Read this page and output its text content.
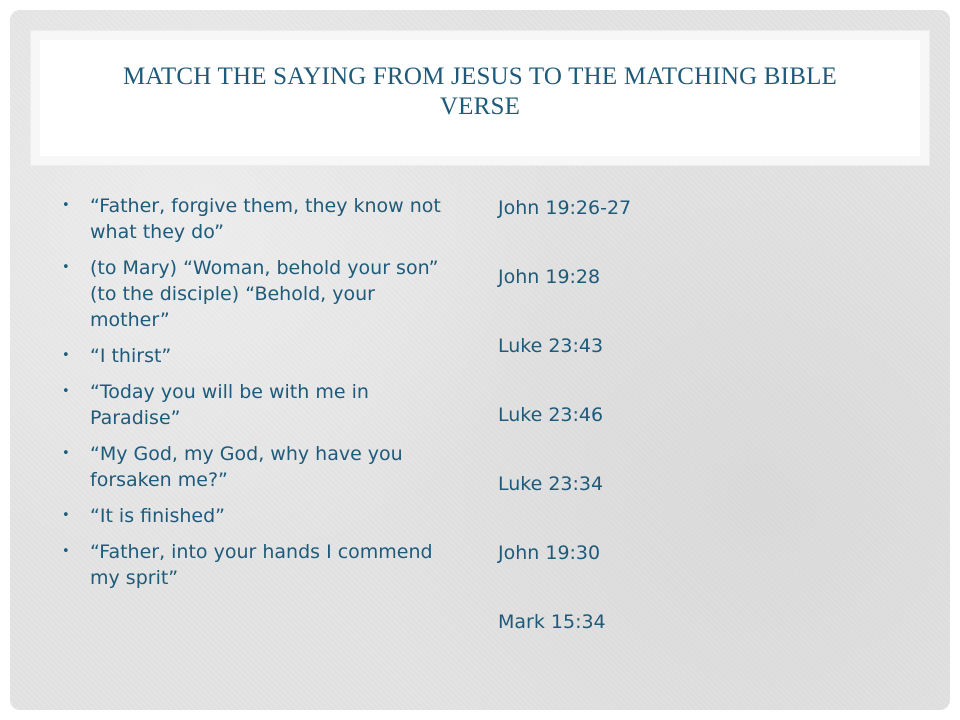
MATCH THE SAYING FROM JESUS TO THE MATCHING BIBLE VERSE
• “Father, forgive them, they know not what they do”
• (to Mary) “Woman, behold your son” (to the disciple) “Behold, your mother”
• “I thirst”
• “Today you will be with me in Paradise”
• “My God, my God, why have you forsaken me?”
• “It is finished”
• “Father, into your hands I commend my sprit”
John 19:26-27
John 19:28
Luke 23:43
Luke 23:46
Luke 23:34
John 19:30
Mark 15:34
